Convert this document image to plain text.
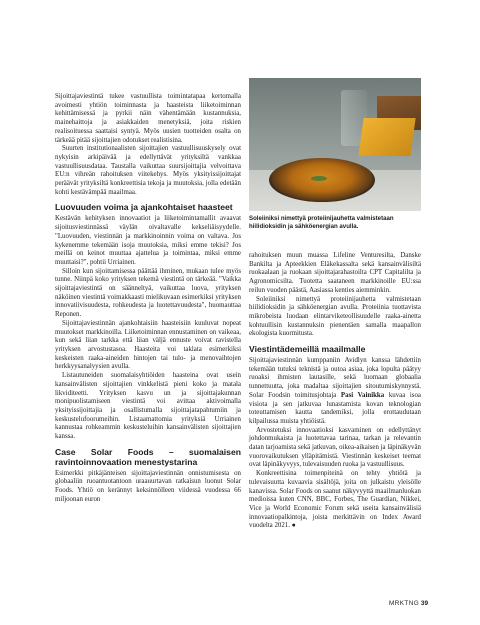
Sijoittajaviestintä tukee vastuullista toimintatapaa kertomalla avoimesti yhtiön toiminnasta ja haasteista liiketoiminnan kehittämisessä ja pyrkii näin vähentämään kustannuksia, mainehaittoja ja asiakkaiden menetyksiä, joita riskien realisoituessa saattaisi syntyä. Myös uusien tuotteiden osalta on tärkeää pitää sijoittajien odotukset realistisina.

Suurten institutionaalisten sijoittajien vastuullisuuskysely ovat nykyisin arkipäivää ja edellyttävät yrityksiltä vankkaa vastuullisuusdataa. Taustalla vaikuttaa suursijoittajia velvoittava EU:n vihreän rahoituksen viitekehys. Myös yksityissijoittajat peräävät yrityksiltä konkreettisia tekoja ja muutoksia, jolla edetään kohti kestävämpää maailmaa.

Luovuuden voima ja ajankohtaiset haasteet

Kestävän kehityksen innovaatiot ja liiketoimintamallit avaavat sijoitusviestinnässä väylän oivaltavalle kekseliäisyydelle. "Luovuuden, viestinnän ja markkinoinnin voima on valtava. Jos kykenemme tekemään isoja muutoksia, miksi emme tekisi? Jos meillä on keinot muuttaa ajattelua ja toimintaa, miksi emme muuttaisi?", pohtii Urriainen.

Silloin kun sijoittamisessa päättää ihminen, mukaan tulee myös tunne. Niinpä koko yrityksen tekemä viestintä on tärkeää. "Vaikka sijoittajaviestintä on säänneltyä, vaikuttaa luova, yrityksen näköinen viestintä voimakkaasti mielikuvaan esimerkiksi yrityksen innovatiivisuudesta, rohkeudesta ja luotettavuudesta", huomauttaa Reponen.

Sijoittajaviestinnän ajankohtaisiin haasteisiin kuuluvat nopeat muutokset markkinoilla. Liiketoiminnan ennustaminen on vaikeaa, kun sekä liian tarkka että liian väljä ennuste voivat ravistella yrityksen arvostustasoa. Haasteita voi taklata esimerkiksi keskeisten raaka-aineiden hintojen tai tulo- ja menovaihtojen herkkyysanalyysien avulla.

Listautuneiden suomalaisyhtiöiden haasteina ovat usein kansainvälisten sijoittajien vinkkelistä pieni koko ja matala likviditeetti. Yrityksen kasvu un ja sijoittajakunnan monipuolistamiseen viestintä voi avittaa aktivoimalla yksityissijoittajia ja osallistumalla sijoittajatapahtumiin ja keskustelufoorumeihin. Listaamattomia yrityksiä Urriainen kannustaa rohkeammin keskusteluihin kansainvälisten sijoittajien kanssa.

Case Solar Foods – suomalaisen ravintoinnovaation menestystarina

Esimerkki pitkäjänteisen sijoittajaviestinnän onnistumisesta on globaaliin ruoantuotantoon uraauurtavan ratkaisun luonut Solar Foods. Yhtiö on kerännyt keksinnölleen viidessä vuodessa 66 miljoonan euron

Soleiiniksi nimettyä proteiinijauhetta valmistetaan hiilidioksidin ja sähköenergian avulla.

rahoituksen muun muassa Lifeline Venturesilta, Danske Bankilta ja Apteekkien Eläkekassalta sekä kansainvälisiltä ruokaalaan ja ruokaan sijoittajarahastoilta CPT Capitalilta ja Agronomicsilta. Tuotetta saataneen markkinoille EU:ssa reilun vuoden päästä, Aasiassa kenties aiemminkin.

Soleiiniksi nimettyä proteiinijauhetta valmistetaan hiilidioksidin ja sähköenergian avulla. Proteiinia tuottavista mikrobeista luodaan elintarviketeollisuudelle raaka-ainetta kohtuullisin kustannuksin pienentäen samalla maapallon ekologista kuormitusta.

Viestintädemeillä maailmalle

Sijoittajaviestinnän kumppaniin Avidlyn kanssa lähdettiin tekemään tutuksi teknistä ja outoa asiaa, joka lopulta päätyy ruoaksi ihmisten lautasille, sekä luomaan globaalia tunnettuutta, joka madaltaa sijoittajien sitoutumiskynnystä. Solar Foodsin toimitusjohtaja Pasi Vainikka kuvaa isoa visiota ja sen jatkuvaa lunastamista kovan teknologian toteuttamisen kautta tandemiksi, jolla erottaudutaan kilpailussa muista yhtiöistä.

Arvostetuksi innovaatioksi kasvaminen on edellyttänyt johdonmukaista ja luotettavaa tarinaa, tarkan ja relevantin datan tarjoamista sekä jatkuvan, oikea-aikaisen ja läpinäkyvän vuorovaikutuksen ylläpitämistä. Viestinnän keskeiset teemat ovat läpinäkyvyys, tulevaisuuden ruoka ja vastuullisuus.

Konkreettisina toimenpiteinä on tehty yhtiötä ja tulevaisuutta kuvaavia sisältöjä, joita on julkaistu yleisölle kanavissa. Solar Foods on saanut näkyvyyttä maailmanluokan medioissa kuten CNN, BBC, Forbes, The Guardian, Nikkei, Vice ja World Economic Forum sekä useita kansainvälisiä innovaatiopalkintoja, joista merkittävin on Index Award vuodelta 2021. ●

MRKTNG 39
